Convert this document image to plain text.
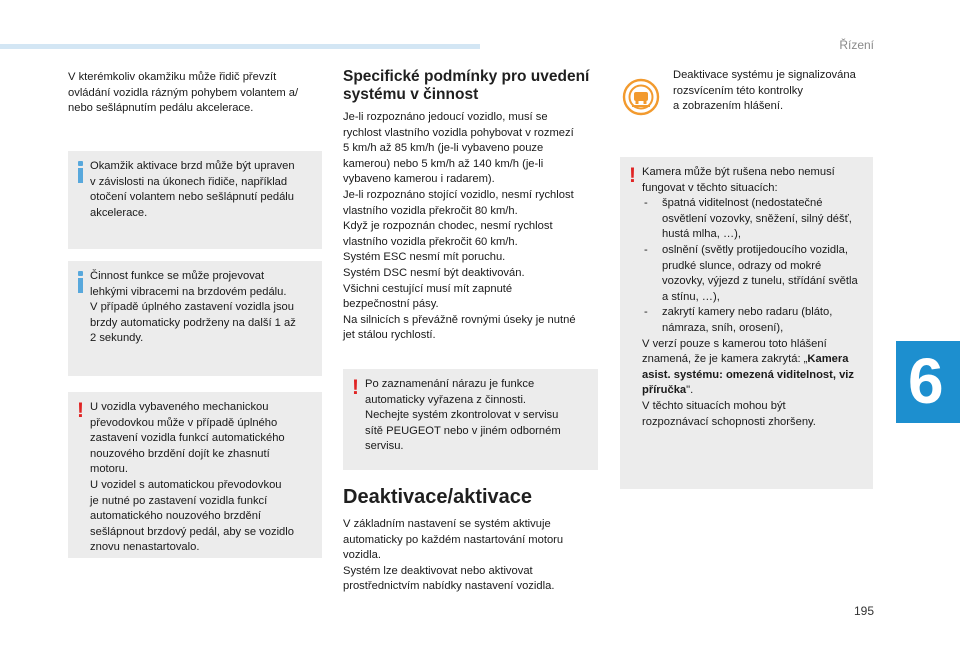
Řízení

V kterémkoliv okamžiku může řidič převzít
ovládání vozidla rázným pohybem volantem a/
nebo sešlápnutím pedálu akcelerace.

Okamžik aktivace brzd může být upraven
v závislosti na úkonech řidiče, například
otočení volantem nebo sešlápnutí pedálu
akcelerace.

Činnost funkce se může projevovat
lehkými vibracemi na brzdovém pedálu.
V případě úplného zastavení vozidla jsou
brzdy automaticky podrženy na další 1 až
2 sekundy.

! U vozidla vybaveného mechanickou
převodovkou může v případě úplného
zastavení vozidla funkcí automatického
nouzového brzdění dojít ke zhasnutí
motoru.
U vozidel s automatickou převodovkou
je nutné po zastavení vozidla funkcí
automatického nouzového brzdění
sešlápnout brzdový pedál, aby se vozidlo
znovu nenastartovalo.

Specifické podmínky pro uvedení
systému v činnost

Je-li rozpoznáno jedoucí vozidlo, musí se
rychlost vlastního vozidla pohybovat v rozmezí
5 km/h až 85 km/h (je-li vybaveno pouze
kamerou) nebo 5 km/h až 140 km/h (je-li
vybaveno kamerou i radarem).
Je-li rozpoznáno stojící vozidlo, nesmí rychlost
vlastního vozidla překročit 80 km/h.
Když je rozpoznán chodec, nesmí rychlost
vlastního vozidla překročit 60 km/h.
Systém ESC nesmí mít poruchu.
Systém DSC nesmí být deaktivován.
Všichni cestující musí mít zapnuté
bezpečnostní pásy.
Na silnicích s převážně rovnými úseky je nutné
jet stálou rychlostí.

! Po zaznamenání nárazu je funkce
automaticky vyřazena z činnosti.
Nechejte systém zkontrolovat v servisu
sítě PEUGEOT nebo v jiném odborném
servisu.

Deaktivace/aktivace

V základním nastavení se systém aktivuje
automaticky po každém nastartování motoru
vozidla.
Systém lze deaktivovat nebo aktivovat
prostřednictvím nabídky nastavení vozidla.

Deaktivace systému je signalizována
rozsvícením této kontrolky
a zobrazením hlášení.

! Kamera může být rušena nebo nemusí
fungovat v těchto situacích:

- špatná viditelnost (nedostatečné osvětlení vozovky, sněžení, silný déšť, hustá mlha, …),
- oslnění (světly protijedoucího vozidla, prudké slunce, odrazy od mokré vozovky, výjezd z tunelu, střídání světla a stínu, …),
- zakrytí kamery nebo radaru (bláto, námraza, sníh, orosení),

V verzí pouze s kamerou toto hlášení
znamená, že je kamera zakrytá: „Kamera asist. systému: omezená viditelnost, viz příručka".

V těchto situacích mohou být
rozpoznávací schopnosti zhoršeny.

6
195
